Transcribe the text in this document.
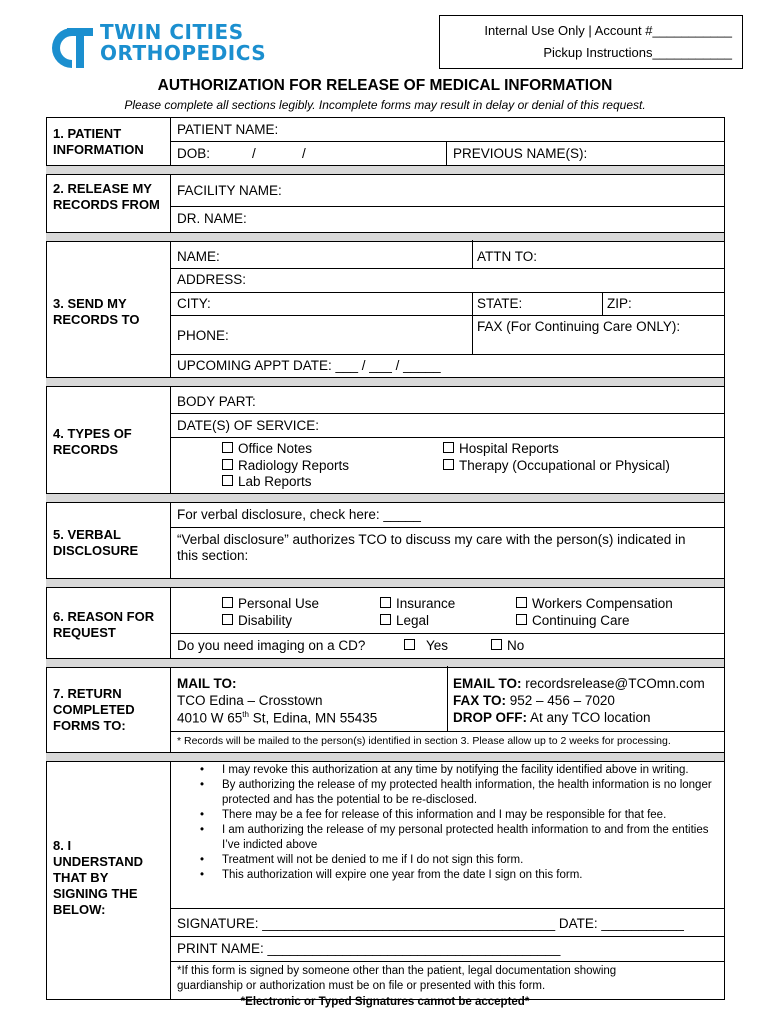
TWIN CITIES
ORTHOPEDICS
Internal Use Only | Account #___________
Pickup Instructions___________
AUTHORIZATION FOR RELEASE OF MEDICAL INFORMATION
Please complete all sections legibly. Incomplete forms may result in delay or denial of this request.
1. PATIENT INFORMATION
PATIENT NAME:
DOB:	/	/	PREVIOUS NAME(S):
2. RELEASE MY RECORDS FROM
FACILITY NAME:
DR. NAME:
3. SEND MY RECORDS TO
NAME:	ATTN TO:
ADDRESS:
CITY:	STATE:	ZIP:
PHONE:
FAX (For Continuing Care ONLY):
UPCOMING APPT DATE: ___ / ___ / _____
4. TYPES OF RECORDS
BODY PART:
DATE(S) OF SERVICE:
Office Notes
Radiology Reports
Lab Reports
Hospital Reports
Therapy (Occupational or Physical)
5. VERBAL DISCLOSURE
For verbal disclosure, check here: _____
“Verbal disclosure” authorizes TCO to discuss my care with the person(s) indicated in
this section:
6. REASON FOR REQUEST
Personal Use
Disability
Insurance
Legal
Workers Compensation
Continuing Care
Do you need imaging on a CD?	Yes	No
7. RETURN COMPLETED FORMS TO:
MAIL TO:
TCO Edina – Crosstown
4010 W 65th St, Edina, MN 55435
EMAIL TO: recordsrelease@TCOmn.com
FAX TO: 952 – 456 – 7020
DROP OFF: At any TCO location
* Records will be mailed to the person(s) identified in section 3. Please allow up to 2 weeks for processing.
8. I UNDERSTAND THAT BY SIGNING THE BELOW:
• I may revoke this authorization at any time by notifying the facility identified above in writing.
• By authorizing the release of my protected health information, the health information is no longer protected and has the potential to be re-disclosed.
• There may be a fee for release of this information and I may be responsible for that fee.
• I am authorizing the release of my personal protected health information to and from the entities I’ve indicted above
• Treatment will not be denied to me if I do not sign this form.
• This authorization will expire one year from the date I sign on this form.
SIGNATURE: _______________________________________ DATE: ___________
PRINT NAME: _______________________________________
*If this form is signed by someone other than the patient, legal documentation showing
guardianship or authorization must be on file or presented with this form.
*Electronic or Typed Signatures cannot be accepted*
